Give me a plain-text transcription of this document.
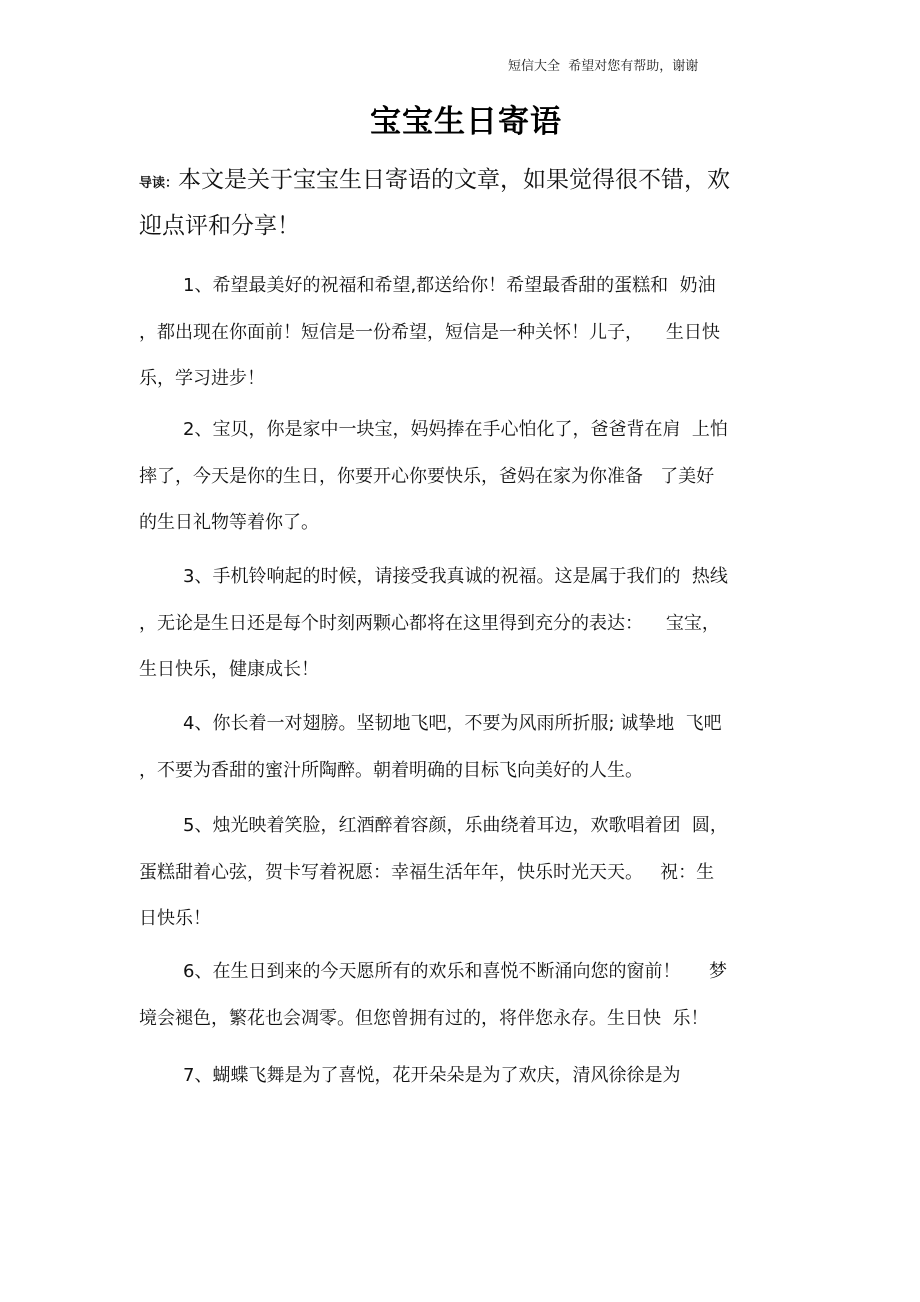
短信大全  希望对您有帮助，谢谢
宝宝生日寄语
导读：本文是关于宝宝生日寄语的文章，如果觉得很不错，欢
迎点评和分享！
1、希望最美好的祝福和希望,都送给你！希望最香甜的蛋糕和  奶油
，都出现在你面前！短信是一份希望，短信是一种关怀！儿子，    生日快
乐，学习进步！
2、宝贝，你是家中一块宝，妈妈捧在手心怕化了，爸爸背在肩  上怕
摔了，今天是你的生日，你要开心你要快乐，爸妈在家为你准备   了美好
的生日礼物等着你了。
3、手机铃响起的时候，请接受我真诚的祝福。这是属于我们的  热线
，无论是生日还是每个时刻两颗心都将在这里得到充分的表达：    宝宝，
生日快乐，健康成长！
4、你长着一对翅膀。坚韧地飞吧，不要为风雨所折服; 诚挚地  飞吧
，不要为香甜的蜜汁所陶醉。朝着明确的目标飞向美好的人生。
5、烛光映着笑脸，红酒醉着容颜，乐曲绕着耳边，欢歌唱着团  圆，
蛋糕甜着心弦，贺卡写着祝愿：幸福生活年年，快乐时光天天。   祝：生
日快乐！
6、在生日到来的今天愿所有的欢乐和喜悦不断涌向您的窗前！     梦
境会褪色，繁花也会凋零。但您曾拥有过的，将伴您永存。生日快  乐！
7、蝴蝶飞舞是为了喜悦，花开朵朵是为了欢庆，清风徐徐是为
